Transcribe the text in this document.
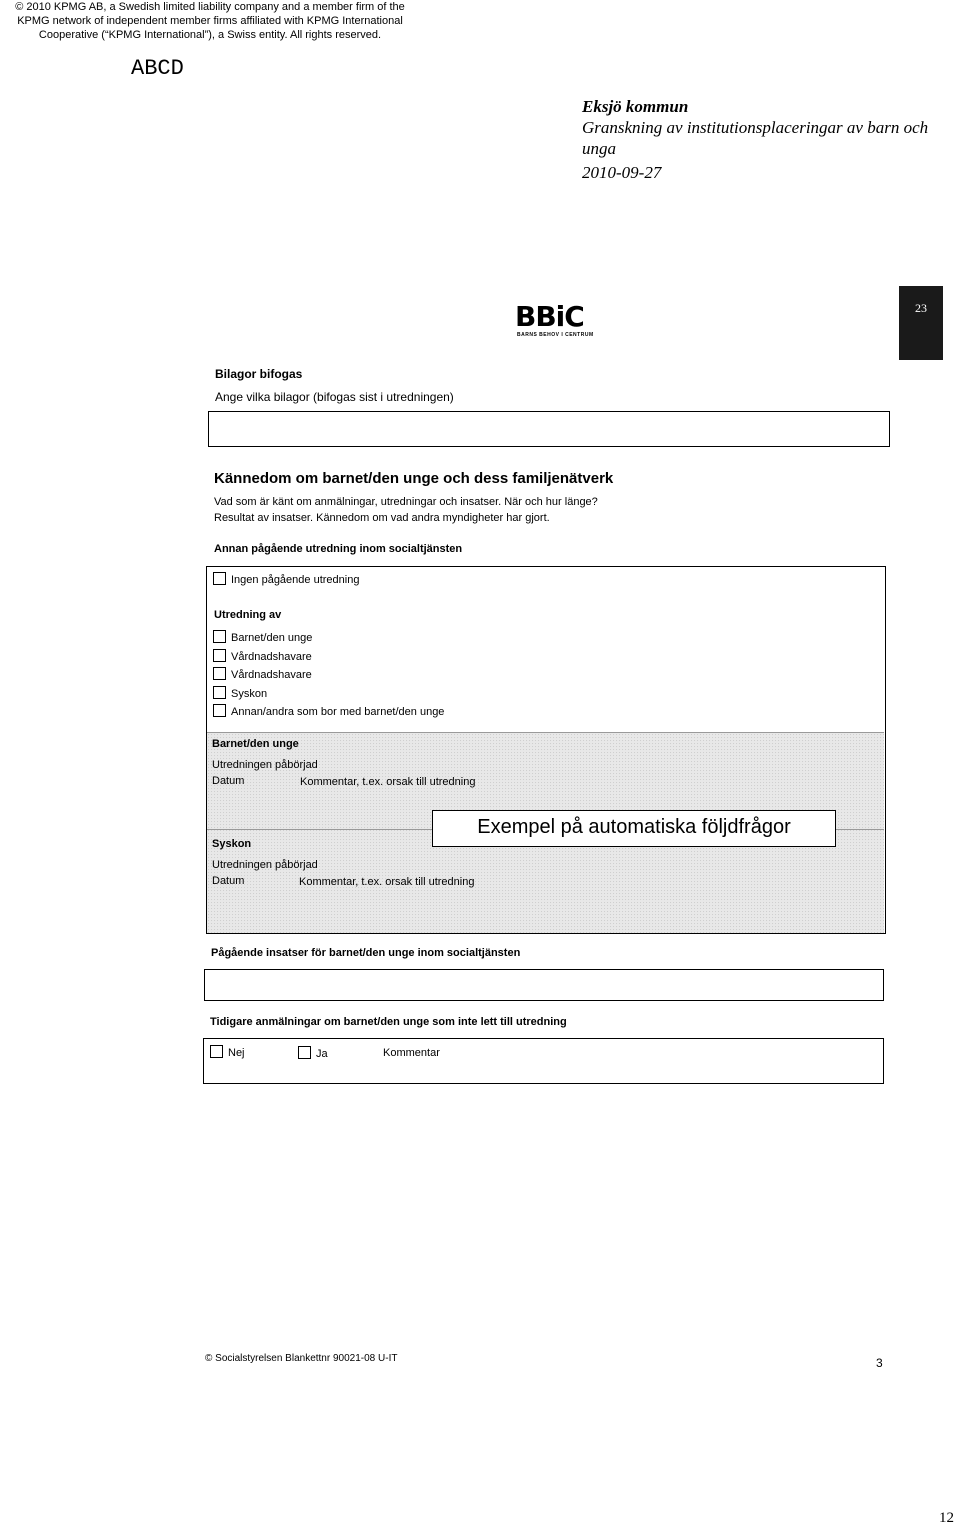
© 2010 KPMG AB, a Swedish limited liability company and a member firm of the
KPMG network of independent member firms affiliated with KPMG International
Cooperative (“KPMG International”), a Swiss entity. All rights reserved.
ABCD
Eksjö kommun
Granskning av institutionsplaceringar av barn och unga
2010-09-27
23
BBiC
BARNS BEHOV I CENTRUM
Bilagor bifogas
Ange vilka bilagor (bifogas sist i utredningen)
Kännedom om barnet/den unge och dess familjenätverk
Vad som är känt om anmälningar, utredningar och insatser. När och hur länge?
Resultat av insatser. Kännedom om vad andra myndigheter har gjort.
Annan pågående utredning inom socialtjänsten
Ingen pågående utredning
Utredning av
Barnet/den unge
Vårdnadshavare
Vårdnadshavare
Syskon
Annan/andra som bor med barnet/den unge
Barnet/den unge
Utredningen påbörjad
Datum	Kommentar, t.ex. orsak till utredning
Exempel på automatiska följdfrågor
Syskon
Utredningen påbörjad
Datum	Kommentar, t.ex. orsak till utredning
Pågående insatser för barnet/den unge inom socialtjänsten
Tidigare anmälningar om barnet/den unge som inte lett till utredning
Nej	Ja	Kommentar
© Socialstyrelsen Blankettnr 90021-08 U-IT	3
12
